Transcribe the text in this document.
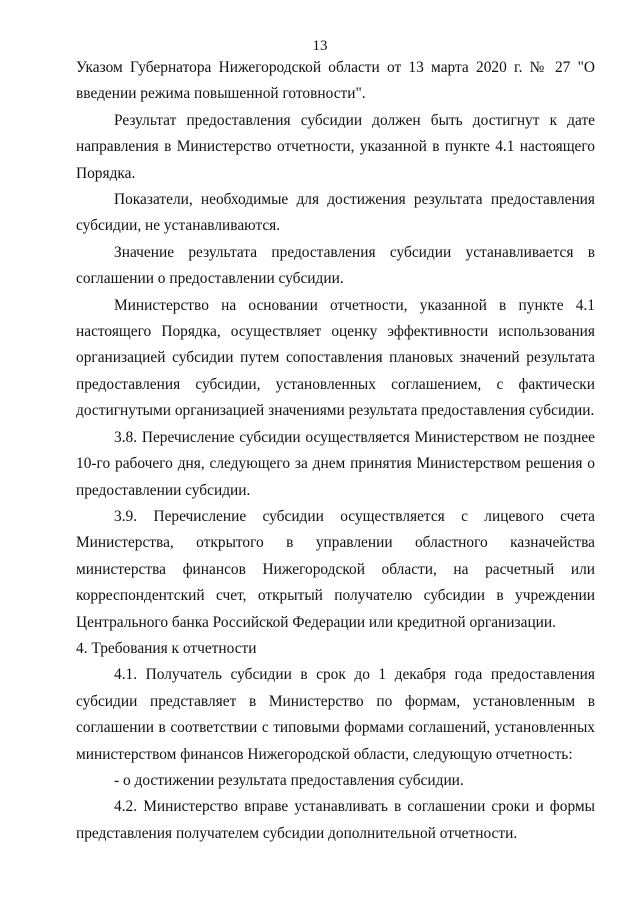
13

Указом Губернатора Нижегородской области от 13 марта 2020 г. № 27 "О введении режима повышенной готовности".

Результат предоставления субсидии должен быть достигнут к дате направления в Министерство отчетности, указанной в пункте 4.1 настоящего Порядка.

Показатели, необходимые для достижения результата предоставления субсидии, не устанавливаются.

Значение результата предоставления субсидии устанавливается в соглашении о предоставлении субсидии.

Министерство на основании отчетности, указанной в пункте 4.1 настоящего Порядка, осуществляет оценку эффективности использования организацией субсидии путем сопоставления плановых значений результата предоставления субсидии, установленных соглашением, с фактически достигнутыми организацией значениями результата предоставления субсидии.

3.8. Перечисление субсидии осуществляется Министерством не позднее 10-го рабочего дня, следующего за днем принятия Министерством решения о предоставлении субсидии.

3.9. Перечисление субсидии осуществляется с лицевого счета Министерства, открытого в управлении областного казначейства министерства финансов Нижегородской области, на расчетный или корреспондентский счет, открытый получателю субсидии в учреждении Центрального банка Российской Федерации или кредитной организации.

4. Требования к отчетности

4.1. Получатель субсидии в срок до 1 декабря года предоставления субсидии представляет в Министерство по формам, установленным в соглашении в соответствии с типовыми формами соглашений, установленных министерством финансов Нижегородской области, следующую отчетность:

- о достижении результата предоставления субсидии.

4.2. Министерство вправе устанавливать в соглашении сроки и формы представления получателем субсидии дополнительной отчетности.
